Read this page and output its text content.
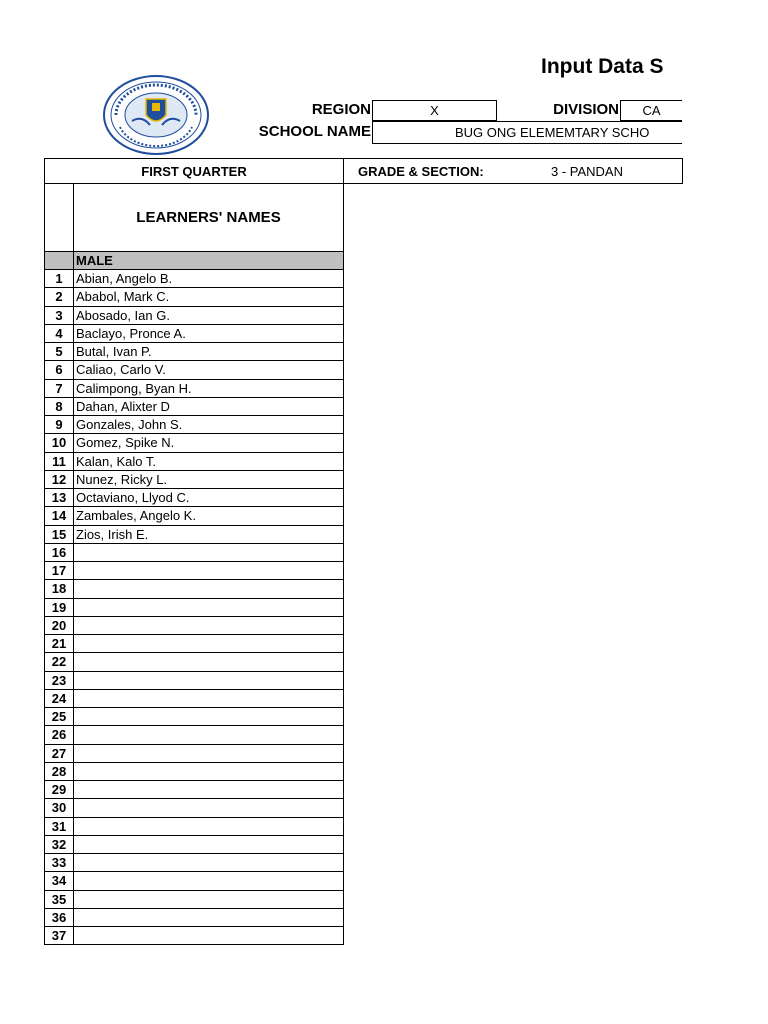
Input Data S
REGION	X	DIVISION	CA
SCHOOL NAME	BUG ONG ELEMEMTARY SCHO
FIRST QUARTER	GRADE & SECTION:	3 - PANDAN
LEARNERS' NAMES
MALE
1	Abian, Angelo B.
2	Ababol, Mark C.
3	Abosado, Ian G.
4	Baclayo, Pronce A.
5	Butal, Ivan P.
6	Caliao, Carlo V.
7	Calimpong, Byan H.
8	Dahan, Alixter D
9	Gonzales, John S.
10 Gomez, Spike N.
11 Kalan, Kalo T.
12 Nunez, Ricky L.
13 Octaviano, Llyod C.
14 Zambales, Angelo K.
15 Zios, Irish E.
16
17
18
19
20
21
22
23
24
25
26
27
28
29
30
31
32
33
34
35
36
37
